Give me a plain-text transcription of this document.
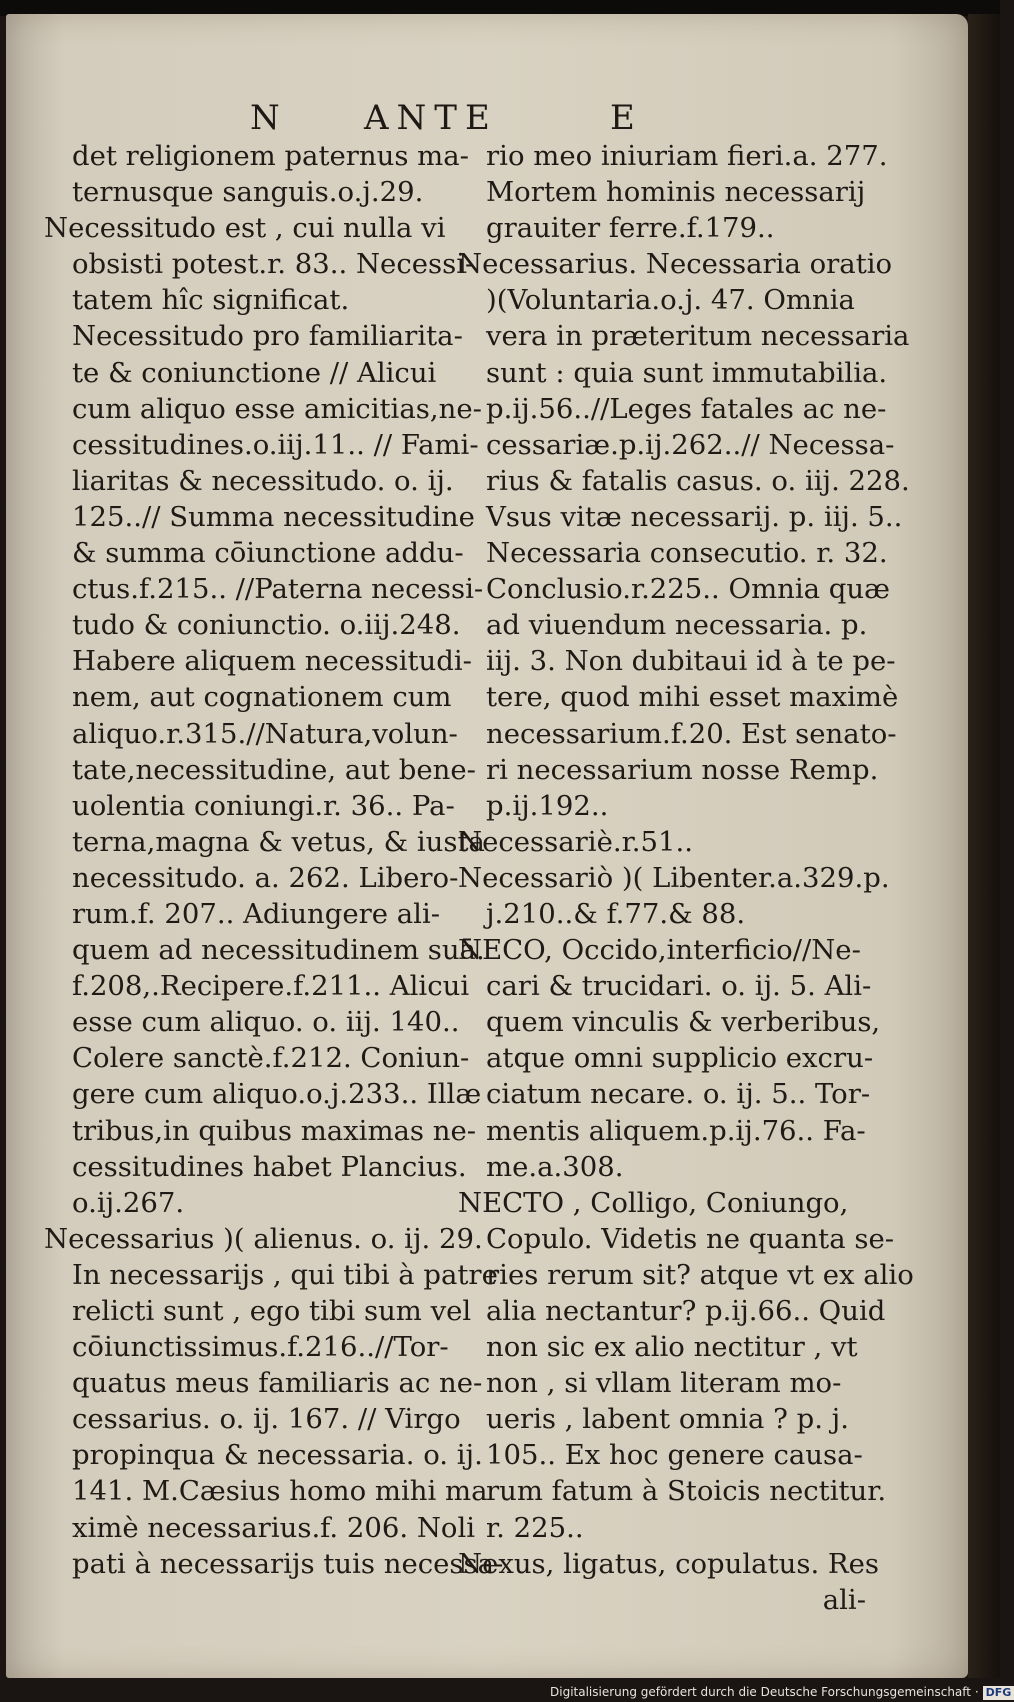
N ANTE	E
det religionem paternus ma-
ternusque sanguis.o.j.29.
Necessitudo est , cui nulla vi
obsisti potest.r. 83.. Necessi-
tatem hîc significat.
Necessitudo pro familiarita-
te & coniunctione // Alicui
cum aliquo esse amicitias,ne-
cessitudines.o.iij.11.. // Fami-
liaritas & necessitudo. o. ij.
125..// Summa necessitudine
& summa cōiunctione addu-
ctus.f.215.. //Paterna necessi-
tudo & coniunctio. o.iij.248.
Habere aliquem necessitudi-
nem, aut cognationem cum
aliquo.r.315.//Natura,volun-
tate,necessitudine, aut bene-
uolentia coniungi.r. 36.. Pa-
terna,magna & vetus, & iusta
necessitudo. a. 262. Libero-
rum.f. 207.. Adiungere ali-
quem ad necessitudinem suā.
f.208,.Recipere.f.211.. Alicui
esse cum aliquo. o. iij. 140..
Colere sanctè.f.212. Coniun-
gere cum aliquo.o.j.233.. Illæ
tribus,in quibus maximas ne-
cessitudines habet Plancius.
o.ij.267.
Necessarius )( alienus. o. ij. 29.
In necessarijs , qui tibi à patre
relicti sunt , ego tibi sum vel
cōiunctissimus.f.216..//Tor-
quatus meus familiaris ac ne-
cessarius. o. ij. 167. // Virgo
propinqua & necessaria. o. ij.
141. M.Cæsius homo mihi ma
ximè necessarius.f. 206. Noli
pati à necessarijs tuis necessa-
rio meo iniuriam fieri.a. 277.
Mortem hominis necessarij
grauiter ferre.f.179..
Necessarius. Necessaria oratio
)(Voluntaria.o.j. 47. Omnia
vera in præteritum necessaria
sunt : quia sunt immutabilia.
p.ij.56..//Leges fatales ac ne-
cessariæ.p.ij.262..// Necessa-
rius & fatalis casus. o. iij. 228.
Vsus vitæ necessarij. p. iij. 5..
Necessaria consecutio. r. 32.
Conclusio.r.225.. Omnia quæ
ad viuendum necessaria. p.
iij. 3. Non dubitaui id à te pe-
tere, quod mihi esset maximè
necessarium.f.20. Est senato-
ri necessarium nosse Remp.
p.ij.192..
Necessariè.r.51..
Necessariò )( Libenter.a.329.p.
j.210..& f.77.& 88.
NECO, Occido,interficio//Ne-
cari & trucidari. o. ij. 5. Ali-
quem vinculis & verberibus,
atque omni supplicio excru-
ciatum necare. o. ij. 5.. Tor-
mentis aliquem.p.ij.76.. Fa-
me.a.308.
NECTO , Colligo, Coniungo,
Copulo. Videtis ne quanta se-
ries rerum sit? atque vt ex alio
alia nectantur? p.ij.66.. Quid
non sic ex alio nectitur , vt
non , si vllam literam mo-
ueris , labent omnia ? p. j.
105.. Ex hoc genere causa-
rum fatum à Stoicis nectitur.
r. 225..
Nexus, ligatus, copulatus. Res
ali-
Digitalisierung gefördert durch die Deutsche Forschungsgemeinschaft · DFG
